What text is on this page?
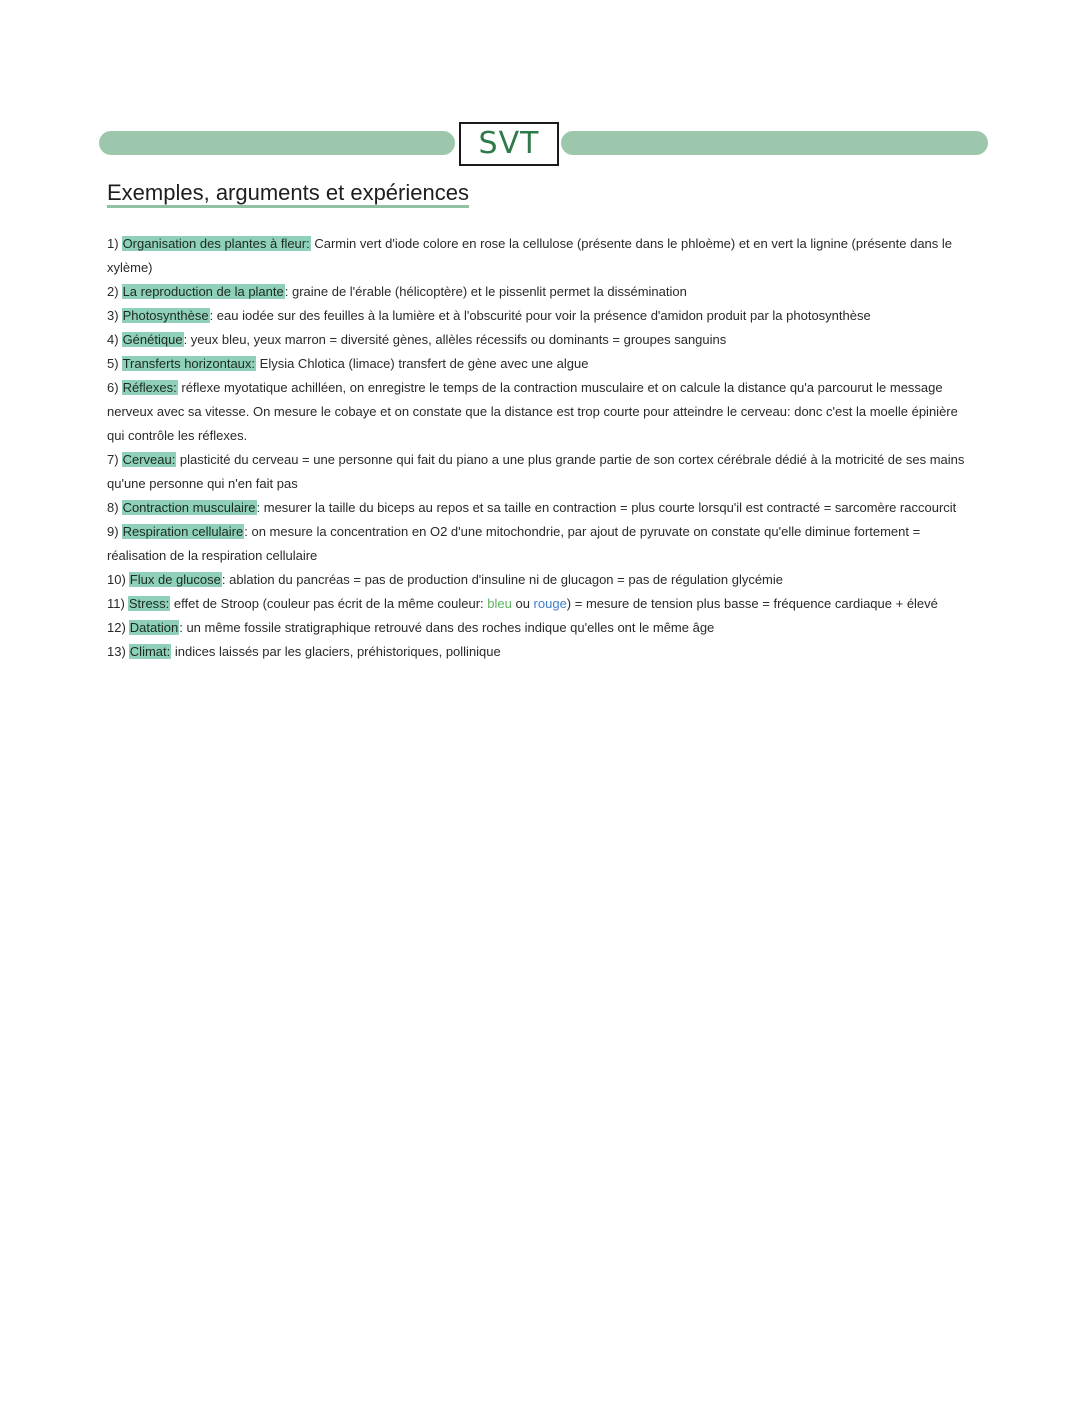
SVT
Exemples, arguments et expériences
1) Organisation des plantes à fleur: Carmin vert d'iode colore en rose la cellulose (présente dans le phloème) et en vert la lignine (présente dans le xylème)
2) La reproduction de la plante: graine de l'érable (hélicoptère) et le pissenlit permet la dissémination
3) Photosynthèse: eau iodée sur des feuilles à la lumière et à l'obscurité pour voir la présence d'amidon produit par la photosynthèse
4) Génétique: yeux bleu, yeux marron = diversité gènes, allèles récessifs ou dominants = groupes sanguins
5) Transferts horizontaux: Elysia Chlotica (limace) transfert de gène avec une algue
6) Réflexes: réflexe myotatique achilléen, on enregistre le temps de la contraction musculaire et on calcule la distance qu'a parcourut le message nerveux avec sa vitesse. On mesure le cobaye et on constate que la distance est trop courte pour atteindre le cerveau: donc c'est la moelle épinière qui contrôle les réflexes.
7) Cerveau: plasticité du cerveau = une personne qui fait du piano a une plus grande partie de son cortex cérébrale dédié à la motricité de ses mains qu'une personne qui n'en fait pas
8) Contraction musculaire: mesurer la taille du biceps au repos et sa taille en contraction = plus courte lorsqu'il est contracté = sarcomère raccourcit
9) Respiration cellulaire: on mesure la concentration en O2 d'une mitochondrie, par ajout de pyruvate on constate qu'elle diminue fortement = réalisation de la respiration cellulaire
10) Flux de glucose: ablation du pancréas = pas de production d'insuline ni de glucagon = pas de régulation glycémie
11) Stress: effet de Stroop (couleur pas écrit de la même couleur: bleu ou rouge) = mesure de tension plus basse = fréquence cardiaque + élevé
12) Datation: un même fossile stratigraphique retrouvé dans des roches indique qu'elles ont le même âge
13) Climat: indices laissés par les glaciers, préhistoriques, pollinique
